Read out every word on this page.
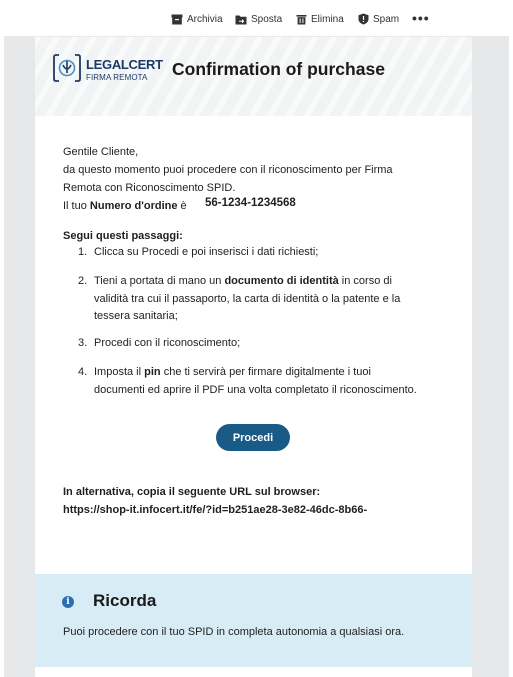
Archivia	Sposta	Elimina	Spam •••
LEGALCERT
FIRMA REMOTA Confirmation of purchase
Gentile Cliente,
da questo momento puoi procedere con il riconoscimento per Firma
Remota con Riconoscimento SPID.
Il tuo Numero d'ordine è 56-1234-1234568
Segui questi passaggi:
1. Clicca su Procedi e poi inserisci i dati richiesti;
2. Tieni a portata di mano un documento di identità in corso di
validità tra cui il passaporto, la carta di identità o la patente e la
tessera sanitaria;
3. Procedi con il riconoscimento;
4. Imposta il pin che ti servirà per firmare digitalmente i tuoi
documenti ed aprire il PDF una volta completato il riconoscimento.
Procedi
In alternativa, copia il seguente URL sul browser:
https://shop-it.infocert.it/fe/?id=b251ae28-3e82-46dc-8b66-
i Ricorda
Puoi procedere con il tuo SPID in completa autonomia a qualsiasi ora.
